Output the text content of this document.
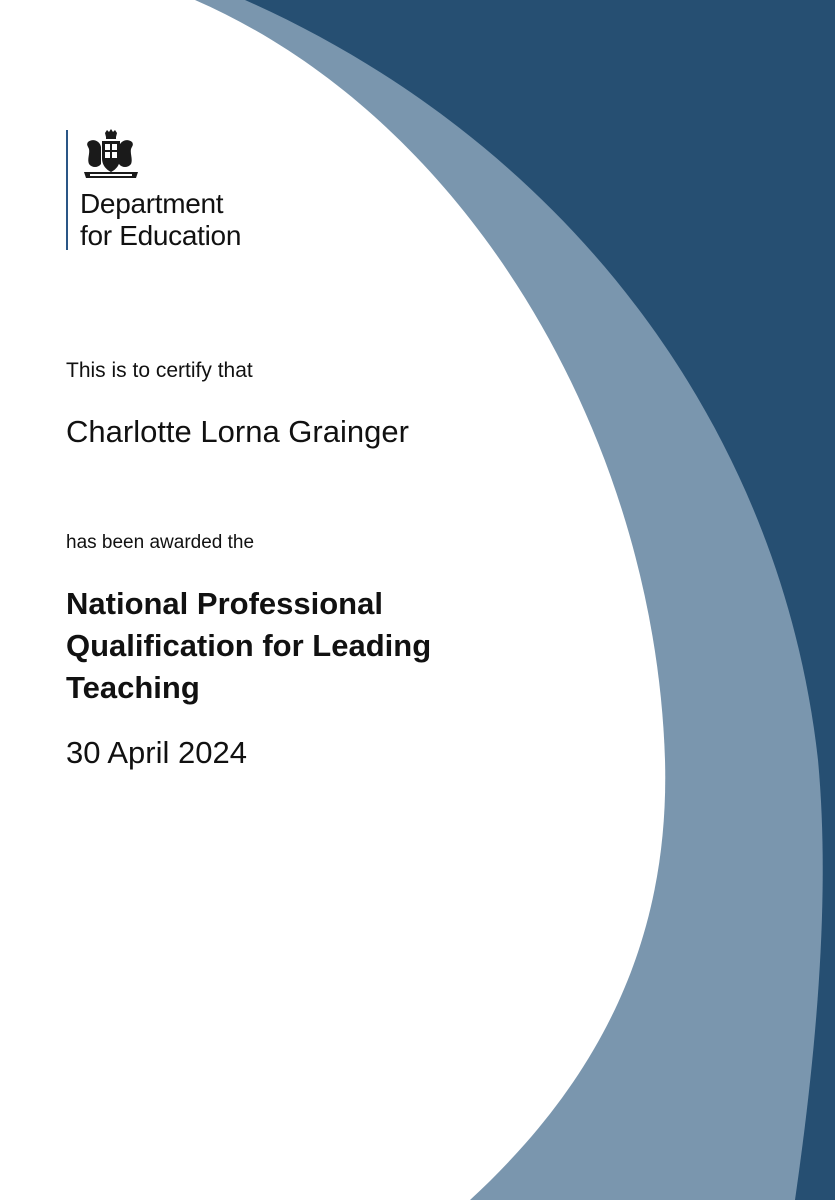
Department
for Education
This is to certify that
Charlotte Lorna Grainger
has been awarded the
National Professional
Qualification for Leading
Teaching
30 April 2024
